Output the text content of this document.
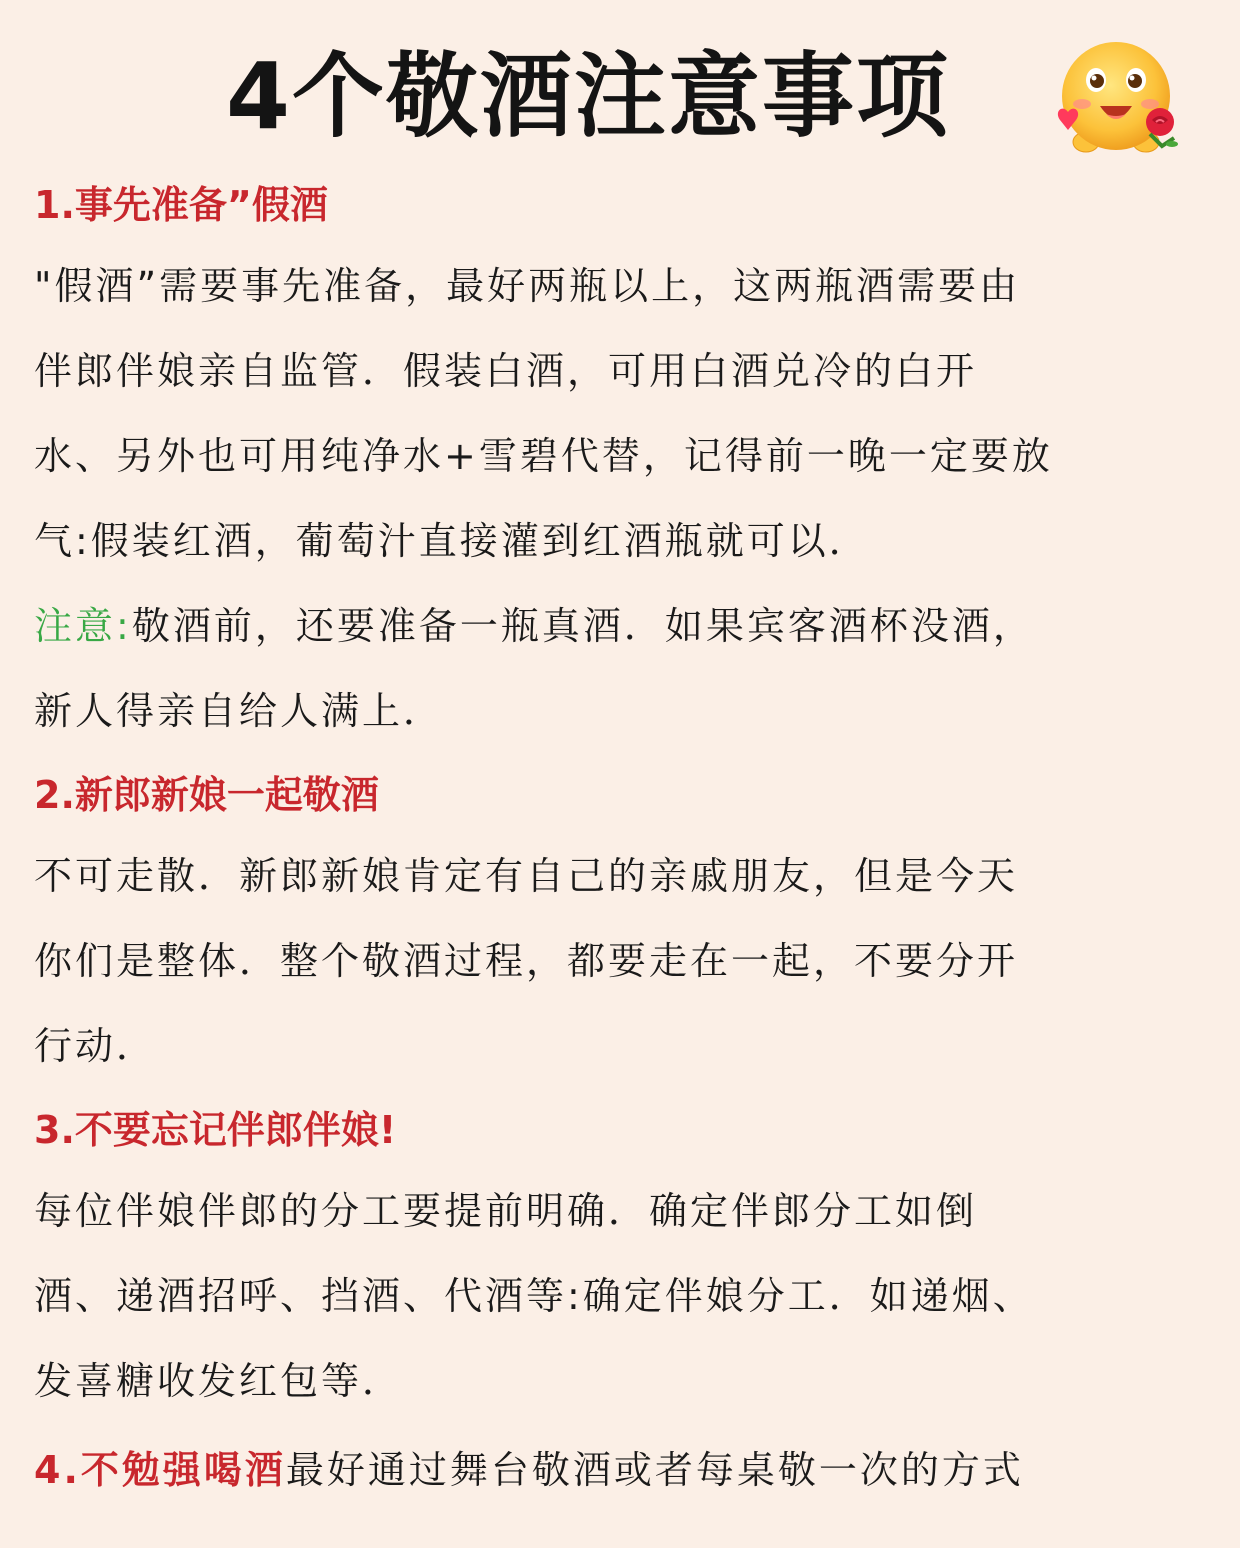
4个敬酒注意事项
1.事先准备”假酒
"假酒”需要事先准备，最好两瓶以上，这两瓶酒需要由
伴郎伴娘亲自监管．假装白酒，可用白酒兑冷的白开
水、另外也可用纯净水+雪碧代替，记得前一晚一定要放
气:假装红酒，葡萄汁直接灌到红酒瓶就可以．
注意:敬酒前，还要准备一瓶真酒．如果宾客酒杯没酒，
新人得亲自给人满上．
2.新郎新娘一起敬酒
不可走散．新郎新娘肯定有自己的亲戚朋友，但是今天
你们是整体．整个敬酒过程，都要走在一起，不要分开
行动．
3.不要忘记伴郎伴娘!
每位伴娘伴郎的分工要提前明确．确定伴郎分工如倒
酒、递酒招呼、挡酒、代酒等:确定伴娘分工．如递烟、
发喜糖收发红包等．
4.不勉强喝酒最好通过舞台敬酒或者每桌敬一次的方式
